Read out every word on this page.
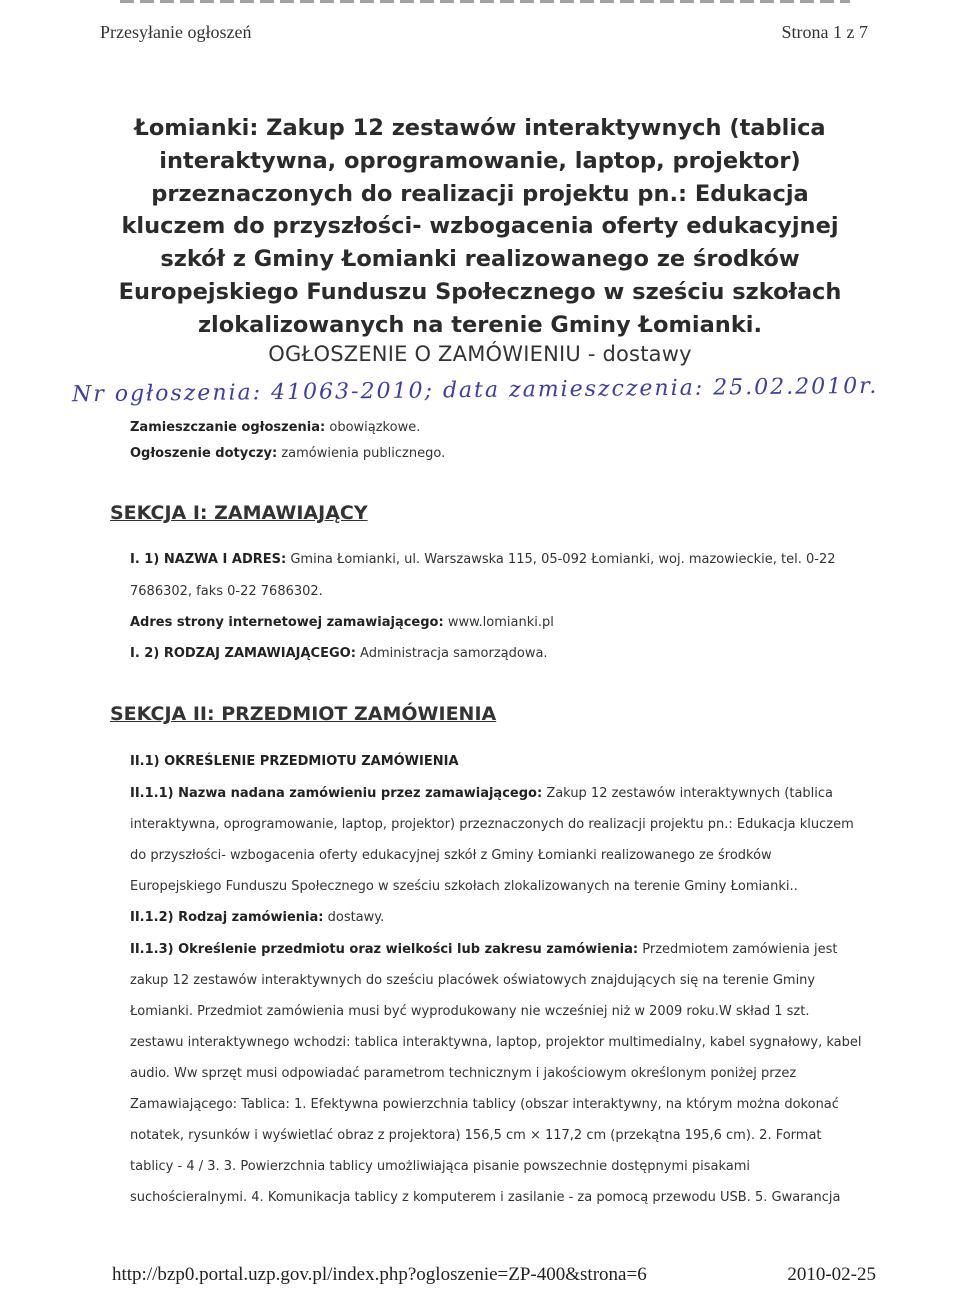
Przesyłanie ogłoszeń	Strona 1 z 7
Łomianki: Zakup 12 zestawów interaktywnych (tablica interaktywna, oprogramowanie, laptop, projektor) przeznaczonych do realizacji projektu pn.: Edukacja kluczem do przyszłości- wzbogacenia oferty edukacyjnej szkół z Gminy Łomianki realizowanego ze środków Europejskiego Funduszu Społecznego w sześciu szkołach zlokalizowanych na terenie Gminy Łomianki.
OGŁOSZENIE O ZAMÓWIENIU - dostawy
Nr ogłoszenia: 41063-2010; data zamieszczenia: 25.02.2010r.
Zamieszczanie ogłoszenia: obowiązkowe.
Ogłoszenie dotyczy: zamówienia publicznego.
SEKCJA I: ZAMAWIAJĄCY
I. 1) NAZWA I ADRES: Gmina Łomianki, ul. Warszawska 115, 05-092 Łomianki, woj. mazowieckie, tel. 0-22
7686302, faks 0-22 7686302.
Adres strony internetowej zamawiającego: www.lomianki.pl
I. 2) RODZAJ ZAMAWIAJĄCEGO: Administracja samorządowa.
SEKCJA II: PRZEDMIOT ZAMÓWIENIA
II.1) OKREŚLENIE PRZEDMIOTU ZAMÓWIENIA
II.1.1) Nazwa nadana zamówieniu przez zamawiającego: Zakup 12 zestawów interaktywnych (tablica interaktywna, oprogramowanie, laptop, projektor) przeznaczonych do realizacji projektu pn.: Edukacja kluczem do przyszłości- wzbogacenia oferty edukacyjnej szkół z Gminy Łomianki realizowanego ze środków Europejskiego Funduszu Społecznego w sześciu szkołach zlokalizowanych na terenie Gminy Łomianki..
II.1.2) Rodzaj zamówienia: dostawy.
II.1.3) Określenie przedmiotu oraz wielkości lub zakresu zamówienia: Przedmiotem zamówienia jest zakup 12 zestawów interaktywnych do sześciu placówek oświatowych znajdujących się na terenie Gminy Łomianki. Przedmiot zamówienia musi być wyprodukowany nie wcześniej niż w 2009 roku.W skład 1 szt. zestawu interaktywnego wchodzi: tablica interaktywna, laptop, projektor multimedialny, kabel sygnałowy, kabel audio. Ww sprzęt musi odpowiadać parametrom technicznym i jakościowym określonym poniżej przez Zamawiającego: Tablica: 1. Efektywna powierzchnia tablicy (obszar interaktywny, na którym można dokonać notatek, rysunków i wyświetlać obraz z projektora) 156,5 cm × 117,2 cm (przekątna 195,6 cm). 2. Format tablicy - 4 / 3. 3. Powierzchnia tablicy umożliwiająca pisanie powszechnie dostępnymi pisakami suchościeralnymi. 4. Komunikacja tablicy z komputerem i zasilanie - za pomocą przewodu USB. 5. Gwarancja
http://bzp0.portal.uzp.gov.pl/index.php?ogloszenie=ZP-400&strona=6	2010-02-25
